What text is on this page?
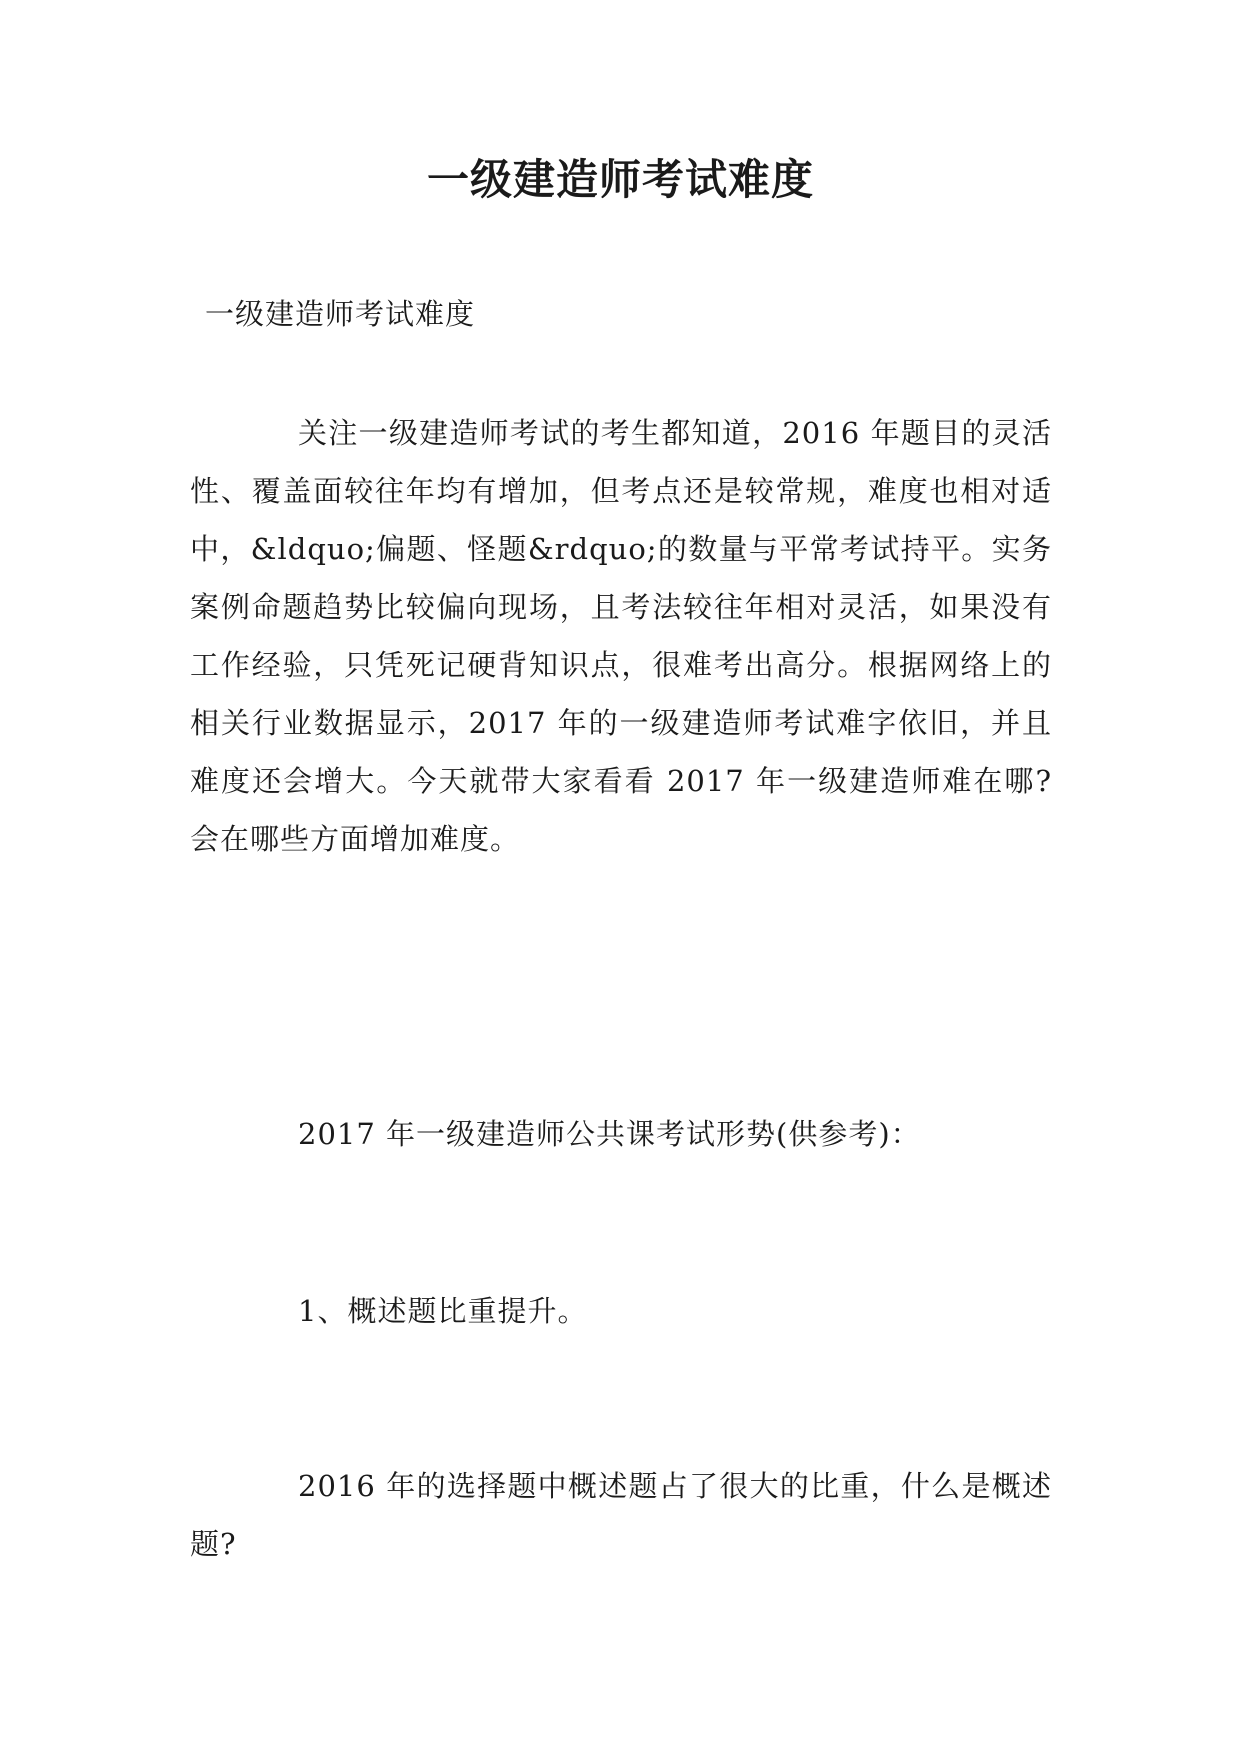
一级建造师考试难度
一级建造师考试难度

关注一级建造师考试的考生都知道，2016 年题目的灵活性、覆盖面较往年均有增加，但考点还是较常规，难度也相对适中，&ldquo;偏题、怪题&rdquo;的数量与平常考试持平。实务案例命题趋势比较偏向现场，且考法较往年相对灵活，如果没有工作经验，只凭死记硬背知识点，很难考出高分。根据网络上的相关行业数据显示，2017 年的一级建造师考试难字依旧，并且难度还会增大。今天就带大家看看 2017 年一级建造师难在哪?会在哪些方面增加难度。

2017 年一级建造师公共课考试形势(供参考)：

1、概述题比重提升。

2016 年的选择题中概述题占了很大的比重，什么是概述题?
